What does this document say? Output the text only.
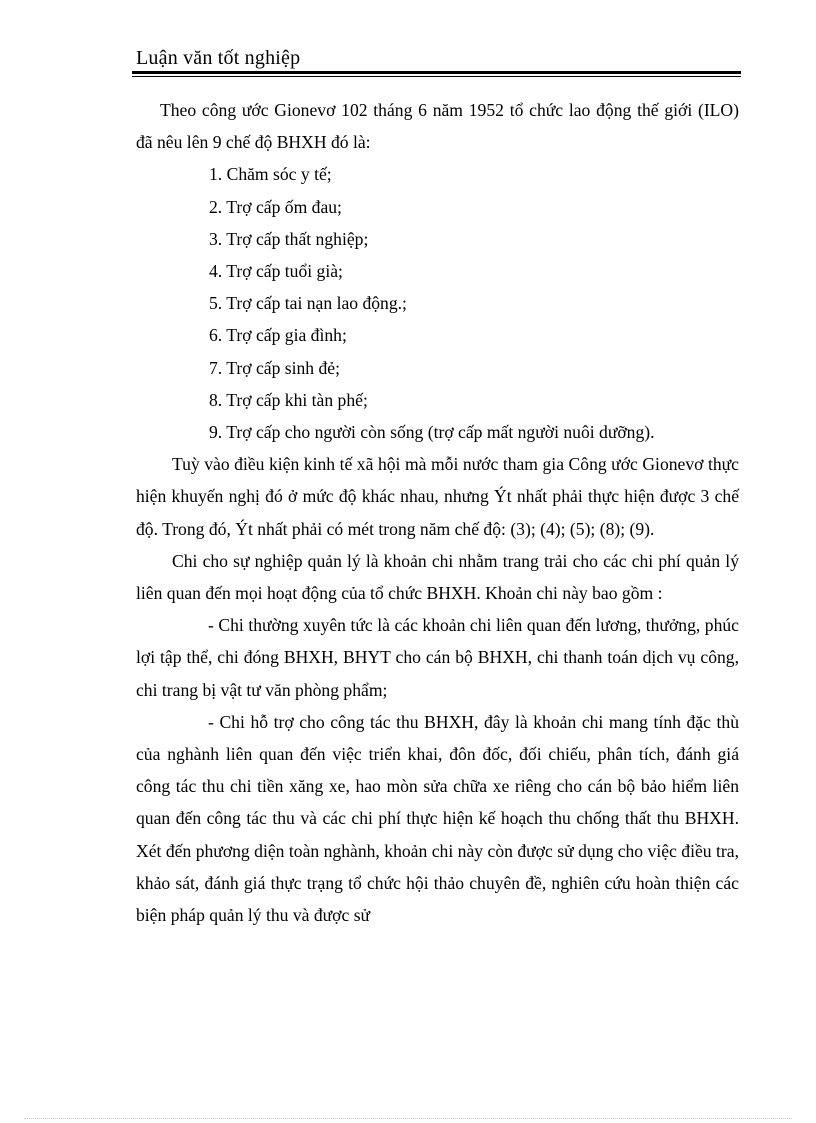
Luận văn tốt nghiệp

Theo công ước Gionevơ 102 tháng 6 năm 1952 tổ chức lao động thế giới (ILO) đã nêu lên 9 chế độ BHXH đó là:

1. Chăm sóc y tế;
2. Trợ cấp ốm đau;
3. Trợ cấp thất nghiệp;
4. Trợ cấp tuổi già;
5. Trợ cấp tai nạn lao động.;
6. Trợ cấp gia đình;
7. Trợ cấp sinh đẻ;
8. Trợ cấp khi tàn phế;
9. Trợ cấp cho người còn sống (trợ cấp mất người nuôi dưỡng).

Tuỳ vào điều kiện kinh tế xã hội mà mỗi nước tham gia Công ước Gionevơ thực hiện khuyến nghị đó ở mức độ khác nhau, nhưng Ýt nhất phải thực hiện được 3 chế độ. Trong đó, Ýt nhất phải có mét trong năm chế độ: (3); (4); (5); (8); (9).

Chi cho sự nghiệp quản lý là khoản chi nhằm trang trải cho các chi phí quản lý liên quan đến mọi hoạt động của tổ chức BHXH. Khoản chi này bao gồm :

- Chi thường xuyên tức là các khoản chi liên quan đến lương, thưởng, phúc lợi tập thể, chi đóng BHXH, BHYT cho cán bộ BHXH, chi thanh toán dịch vụ công, chi trang bị vật tư văn phòng phẩm;

- Chi hỗ trợ cho công tác thu BHXH, đây là khoản chi mang tính đặc thù của nghành liên quan đến việc triển khai, đôn đốc, đối chiếu, phân tích, đánh giá công tác thu chi tiền xăng xe, hao mòn sửa chữa xe riêng cho cán bộ bảo hiểm liên quan đến công tác thu và các chi phí thực hiện kế hoạch thu chống thất thu BHXH. Xét đến phương diện toàn nghành, khoản chi này còn được sử dụng cho việc điều tra, khảo sát, đánh giá thực trạng tổ chức hội thảo chuyên đề, nghiên cứu hoàn thiện các biện pháp quản lý thu và được sử
